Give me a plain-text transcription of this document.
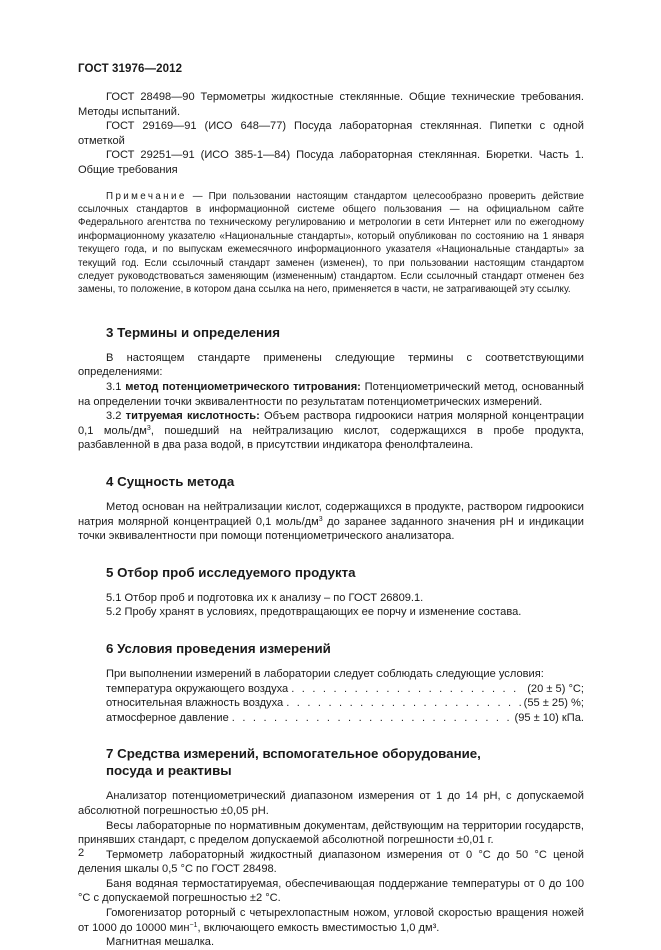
ГОСТ 31976—2012

ГОСТ 28498—90 Термометры жидкостные стеклянные. Общие технические требования. Методы испытаний.

ГОСТ 29169—91 (ИСО 648—77) Посуда лабораторная стеклянная. Пипетки с одной отметкой

ГОСТ 29251—91 (ИСО 385-1—84) Посуда лабораторная стеклянная. Бюретки. Часть 1. Общие требования

Примечание — При пользовании настоящим стандартом целесообразно проверить действие ссылочных стандартов в информационной системе общего пользования — на официальном сайте Федерального агентства по техническому регулированию и метрологии в сети Интернет или по ежегодному информационному указателю «Национальные стандарты», который опубликован по состоянию на 1 января текущего года, и по выпускам ежемесячного информационного указателя «Национальные стандарты» за текущий год. Если ссылочный стандарт заменен (изменен), то при пользовании настоящим стандартом следует руководствоваться заменяющим (измененным) стандартом. Если ссылочный стандарт отменен без замены, то положение, в котором дана ссылка на него, применяется в части, не затрагивающей эту ссылку.

3 Термины и определения

В настоящем стандарте применены следующие термины с соответствующими определениями:

3.1 метод потенциометрического титрования: Потенциометрический метод, основанный на определении точки эквивалентности по результатам потенциометрических измерений.

3.2 титруемая кислотность: Объем раствора гидроокиси натрия молярной концентрации 0,1 моль/$дм^3$, пошедший на нейтрализацию кислот, содержащихся в пробе продукта, разбавленной в два раза водой, в присутствии индикатора фенолфталеина.

4 Сущность метода

Метод основан на нейтрализации кислот, содержащихся в продукте, раствором гидроокиси натрия молярной концентрацией 0,1 моль/$дм^3$ до заранее заданного значения pH и индикации точки эквивалентности при помощи потенциометрического анализатора.

5 Отбор проб исследуемого продукта

5.1 Отбор проб и подготовка их к анализу – по ГОСТ 26809.1.

5.2 Пробу хранят в условиях, предотвращающих ее порчу и изменение состава.

6 Условия проведения измерений

При выполнении измерений в лаборатории следует соблюдать следующие условия:

температура окружающего воздуха . . .	(20 ± 5) °C;
относительная влажность воздуха . . .	(55 ± 25) %;
атмосферное давление . . .	(95 ± 10) кПа.
7 Средства измерений, вспомогательное оборудование,
посуда и реактивы

Анализатор потенциометрический диапазоном измерения от 1 до 14 pH, с допускаемой абсолютной погрешностью ±0,05 pH.

Весы лабораторные по нормативным документам, действующим на территории государств, принявших стандарт, с пределом допускаемой абсолютной погрешности ±0,01 г.

Термометр лабораторный жидкостный диапазоном измерения от 0 °C до 50 °C ценой деления шкалы 0,5 °C по ГОСТ 28498.

Баня водяная термостатируемая, обеспечивающая поддержание температуры от 0 до 100 °C с допускаемой погрешностью ±2 °C.

Гомогенизатор роторный с четырехлопастным ножом, угловой скоростью вращения ножей от 1000 до 10000 мин$^{-1}$, включающего емкость вместимостью 1,0 дм³.

Магнитная мешалка.

2
